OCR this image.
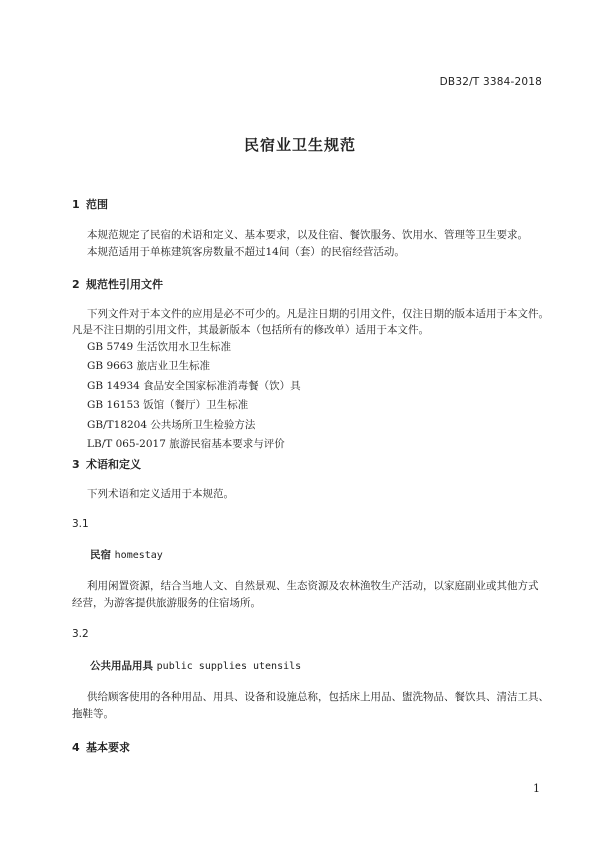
DB32/T 3384-2018
民宿业卫生规范
1 范围
本规范规定了民宿的术语和定义、基本要求，以及住宿、餐饮服务、饮用水、管理等卫生要求。
本规范适用于单栋建筑客房数量不超过14间（套）的民宿经营活动。
2 规范性引用文件
下列文件对于本文件的应用是必不可少的。凡是注日期的引用文件，仅注日期的版本适用于本文件。
凡是不注日期的引用文件，其最新版本（包括所有的修改单）适用于本文件。
GB 5749 生活饮用水卫生标准
GB 9663 旅店业卫生标准
GB 14934 食品安全国家标准消毒餐（饮）具
GB 16153 饭馆（餐厅）卫生标准
GB/T18204 公共场所卫生检验方法
LB/T 065-2017 旅游民宿基本要求与评价
3 术语和定义
下列术语和定义适用于本规范。
3.1
民宿 homestay
利用闲置资源，结合当地人文、自然景观、生态资源及农林渔牧生产活动，以家庭副业或其他方式
经营，为游客提供旅游服务的住宿场所。
3.2
公共用品用具 public supplies utensils
供给顾客使用的各种用品、用具、设备和设施总称，包括床上用品、盥洗物品、餐饮具、清洁工具、
拖鞋等。
4 基本要求
1
